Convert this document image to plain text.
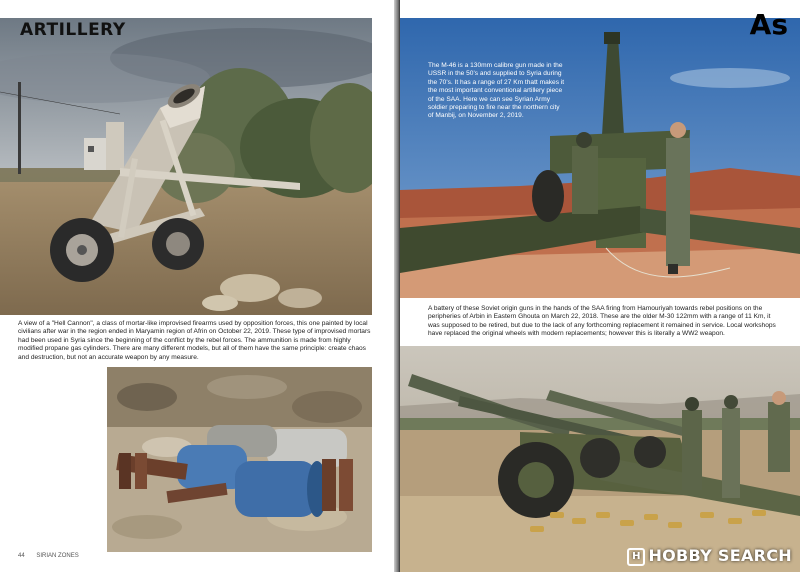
ARTILLERY
A view of a "Hell Cannon", a class of mortar-like improvised firearms used by opposition forces, this one painted by local civilians after war in the region ended in Maryamin region of Afrin on October 22, 2019. These type of improvised mortars had been used in Syria since the beginning of the conflict by the rebel forces. The ammunition is made from highly modified propane gas cylinders. There are many different models, but all of them have the same principle: create chaos and destruction, but not an accurate weapon by any measure.
44 SIRIAN ZONES
As
The M-46 is a 130mm calibre gun made in the USSR in the 50's and supplied to Syria during the 70's. It has a range of 27 Km thatt makes it the most important conventional artillery piece of the SAA. Here we can see Syrian Army soldier preparing to fire near the northern city of Manbij, on November 2, 2019.
A battery of these Soviet origin guns in the hands of the SAA firing from Hamouriyah towards rebel positions on the peripheries of Arbin in Eastern Ghouta on March 22, 2018. These are the older M-30 122mm with a range of 11 Km, it was supposed to be retired, but due to the lack of any forthcoming replacement it remained in service. Local workshops have replaced the original wheels with modern replacements; however this is literally a WW2 weapon.
H HOBBY SEARCH
